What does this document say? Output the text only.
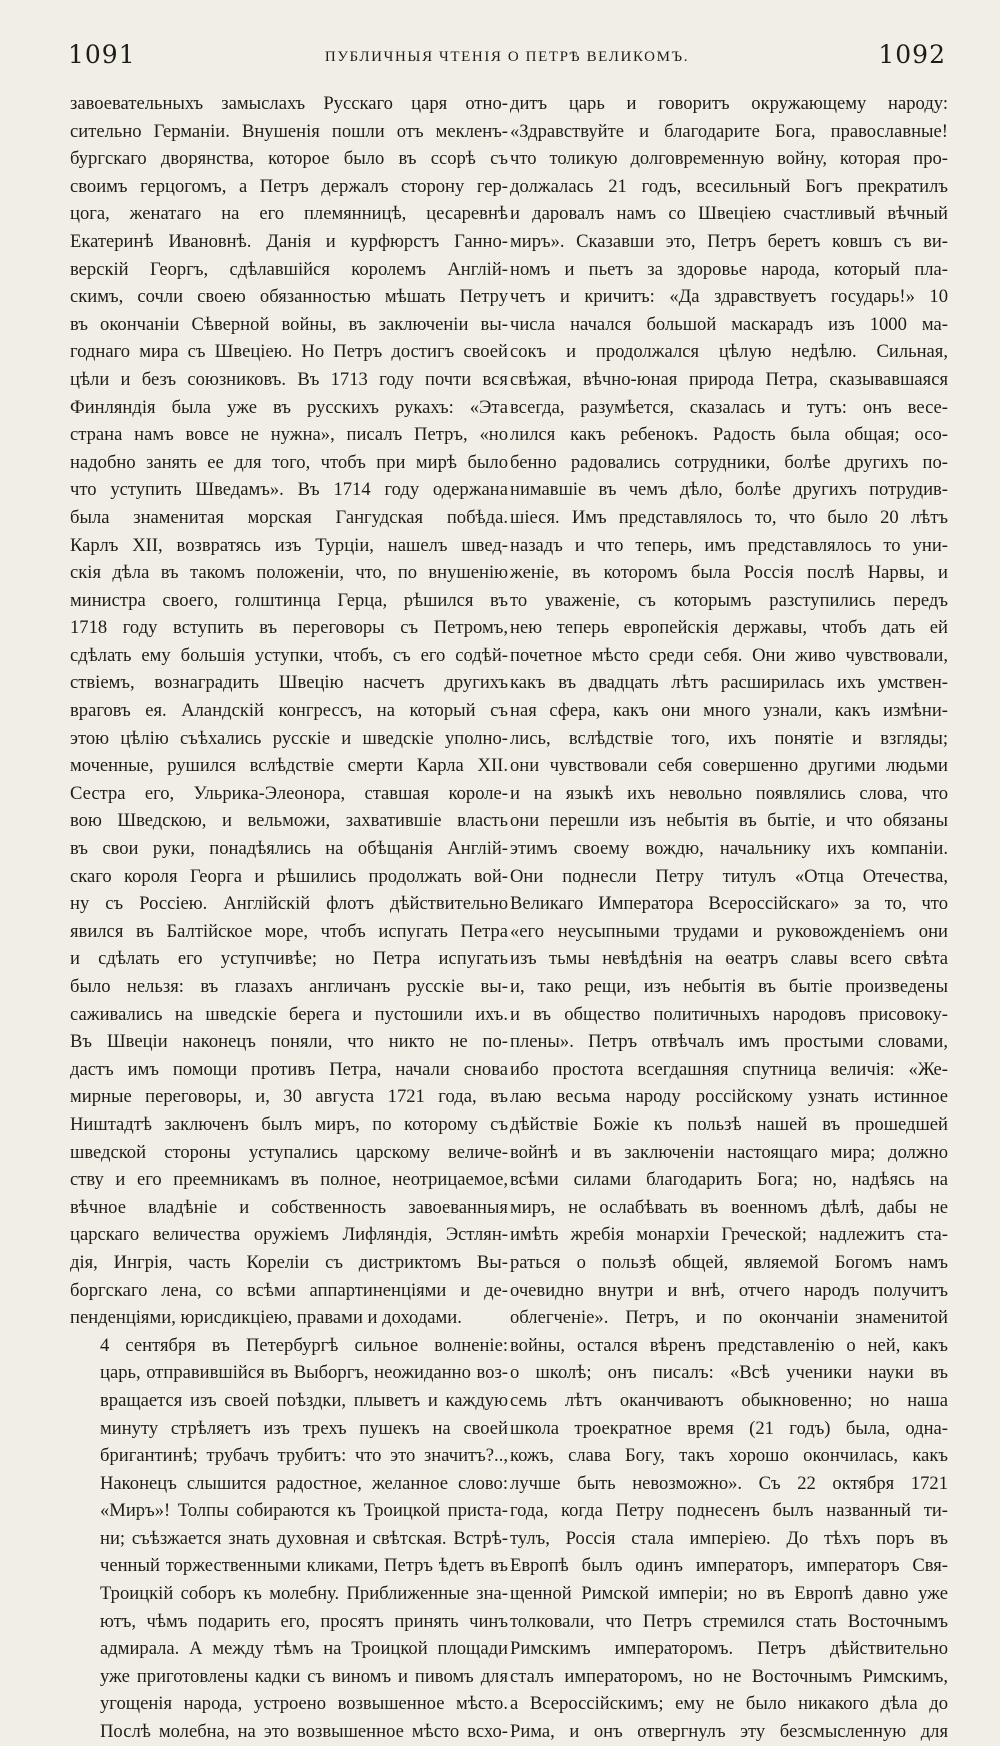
1091	ПУБЛИЧНЫЯ ЧТЕНІЯ О ПЕТРѢ ВЕЛИКОМЪ.	1092

завоевательныхъ замыслахъ Русскаго царя отно-
сительно Германіи. Внушенія пошли отъ мекленъ-
бургскаго дворянства, которое было въ ссорѣ съ
своимъ герцогомъ, а Петръ держалъ сторону гер-
цога, женатаго на его племянницѣ, цесаревнѣ
Екатеринѣ Ивановнѣ. Данія и курфюрстъ Ганно-
верскій Георгъ, сдѣлавшійся королемъ Англій-
скимъ, сочли своею обязанностью мѣшать Петру
въ окончаніи Сѣверной войны, въ заключеніи вы-
годнаго мира съ Швеціею. Но Петръ достигъ своей
цѣли и безъ союзниковъ. Въ 1713 году почти вся
Финляндія была уже въ русскихъ рукахъ: «Эта
страна намъ вовсе не нужна», писалъ Петръ, «но
надобно занять ее для того, чтобъ при мирѣ было
что уступить Шведамъ». Въ 1714 году одержана
была знаменитая морская Гангудская побѣда.
Карлъ XII, возвратясь изъ Турціи, нашелъ швед-
скія дѣла въ такомъ положеніи, что, по внушенію
министра своего, голштинца Герца, рѣшился въ
1718 году вступить въ переговоры съ Петромъ,
сдѣлать ему большія уступки, чтобъ, съ его содѣй-
ствіемъ, вознаградить Швецію насчетъ другихъ
враговъ ея. Аландскій конгрессъ, на который съ
этою цѣлію съѣхались русскіе и шведскіе уполно-
моченные, рушился вслѣдствіе смерти Карла XII.
Сестра его, Ульрика-Элеонора, ставшая короле-
вою Шведскою, и вельможи, захватившіе власть
въ свои руки, понадѣялись на обѣщанія Англій-
скаго короля Георга и рѣшились продолжать вой-
ну съ Россіею. Англійскій флотъ дѣйствительно
явился въ Балтійское море, чтобъ испугать Петра
и сдѣлать его уступчивѣе; но Петра испугать
было нельзя: въ глазахъ англичанъ русскіе вы-
саживались на шведскіе берега и пустошили ихъ.
Въ Швеціи наконецъ поняли, что никто не по-
дастъ имъ помощи противъ Петра, начали снова
мирные переговоры, и, 30 августа 1721 года, въ
Ништадтѣ заключенъ былъ миръ, по которому съ
шведской стороны уступались царскому величе-
ству и его преемникамъ въ полное, неотрицаемое,
вѣчное владѣніе и собственность завоеванныя
царскаго величества оружіемъ Лифляндія, Эстлян-
дія, Ингрія, часть Кореліи съ дистриктомъ Вы-
боргскаго лена, со всѣми аппартиненціями и де-
пенденціями, юрисдикціею, правами и доходами.

4 сентября въ Петербургѣ сильное волненіе:
царь, отправившійся въ Выборгъ, неожиданно воз-
вращается изъ своей поѣздки, плыветъ и каждую
минуту стрѣляетъ изъ трехъ пушекъ на своей
бригантинѣ; трубачъ трубитъ: что это значитъ?..,
Наконецъ слышится радостное, желанное слово:
«Миръ»! Толпы собираются къ Троицкой приста-
ни; съѣзжается знать духовная и свѣтская. Встрѣ-
ченный торжественными кликами, Петръ ѣдетъ въ
Троицкій соборъ къ молебну. Приближенные зна-
ютъ, чѣмъ подарить его, просятъ принять чинъ
адмирала. А между тѣмъ на Троицкой площади
уже приготовлены кадки съ виномъ и пивомъ для
угощенія народа, устроено возвышенное мѣсто.
Послѣ молебна, на это возвышенное мѣсто всхо-

дитъ царь и говоритъ окружающему народу:
«Здравствуйте и благодарите Бога, православные!
что толикую долговременную войну, которая про-
должалась 21 годъ, всесильный Богъ прекратилъ
и даровалъ намъ со Швеціею счастливый вѣчный
миръ». Сказавши это, Петръ беретъ ковшъ съ ви-
номъ и пьетъ за здоровье народа, который пла-
четъ и кричитъ: «Да здравствуетъ государь!» 10
числа начался большой маскарадъ изъ 1000 ма-
сокъ и продолжался цѣлую недѣлю. Сильная,
свѣжая, вѣчно-юная природа Петра, сказывавшаяся
всегда, разумѣется, сказалась и тутъ: онъ весе-
лился какъ ребенокъ. Радость была общая; осо-
бенно радовались сотрудники, болѣе другихъ по-
нимавшіе въ чемъ дѣло, болѣе другихъ потрудив-
шіеся. Имъ представлялось то, что было 20 лѣтъ
назадъ и что теперь, имъ представлялось то уни-
женіе, въ которомъ была Россія послѣ Нарвы, и
то уваженіе, съ которымъ разступились передъ
нею теперь европейскія державы, чтобъ дать ей
почетное мѣсто среди себя. Они живо чувствовали,
какъ въ двадцать лѣтъ расширилась ихъ умствен-
ная сфера, какъ они много узнали, какъ измѣни-
лись, вслѣдствіе того, ихъ понятіе и взгляды;
они чувствовали себя совершенно другими людьми
и на языкѣ ихъ невольно появлялись слова, что
они перешли изъ небытія въ бытіе, и что обязаны
этимъ своему вождю, начальнику ихъ компаніи.
Они поднесли Петру титулъ «Отца Отечества,
Великаго Императора Всероссійскаго» за то, что
«его неусыпными трудами и руковожденіемъ они
изъ тьмы невѣдѣнія на ѳеатръ славы всего свѣта
и, тако рещи, изъ небытія въ бытіе произведены
и въ общество политичныхъ народовъ присовоку-
плены». Петръ отвѣчалъ имъ простыми словами,
ибо простота всегдашняя спутница величія: «Же-
лаю весьма народу россійскому узнать истинное
дѣйствіе Божіе къ пользѣ нашей въ прошедшей
войнѣ и въ заключеніи настоящаго мира; должно
всѣми силами благодарить Бога; но, надѣясь на
миръ, не ослабѣвать въ военномъ дѣлѣ, дабы не
имѣть жребія монархіи Греческой; надлежитъ ста-
раться о пользѣ общей, являемой Богомъ намъ
очевидно внутри и внѣ, отчего народъ получитъ
облегченіе». Петръ, и по окончаніи знаменитой
войны, остался вѣренъ представленію о ней, какъ
о школѣ; онъ писалъ: «Всѣ ученики науки въ
семь лѣтъ оканчиваютъ обыкновенно; но наша
школа троекратное время (21 годъ) была, одна-
кожъ, слава Богу, такъ хорошо окончилась, какъ
лучше быть невозможно». Съ 22 октября 1721
года, когда Петру поднесенъ былъ названный ти-
тулъ, Россія стала имперіею. До тѣхъ поръ въ
Европѣ былъ одинъ императоръ, императоръ Свя-
щенной Римской имперіи; но въ Европѣ давно уже
толковали, что Петръ стремился стать Восточнымъ
Римскимъ императоромъ. Петръ дѣйствительно
сталъ императоромъ, но не Восточнымъ Римскимъ,
а Всероссійскимъ; ему не было никакого дѣла до
Рима, и онъ отвергнулъ эту безсмысленную для
